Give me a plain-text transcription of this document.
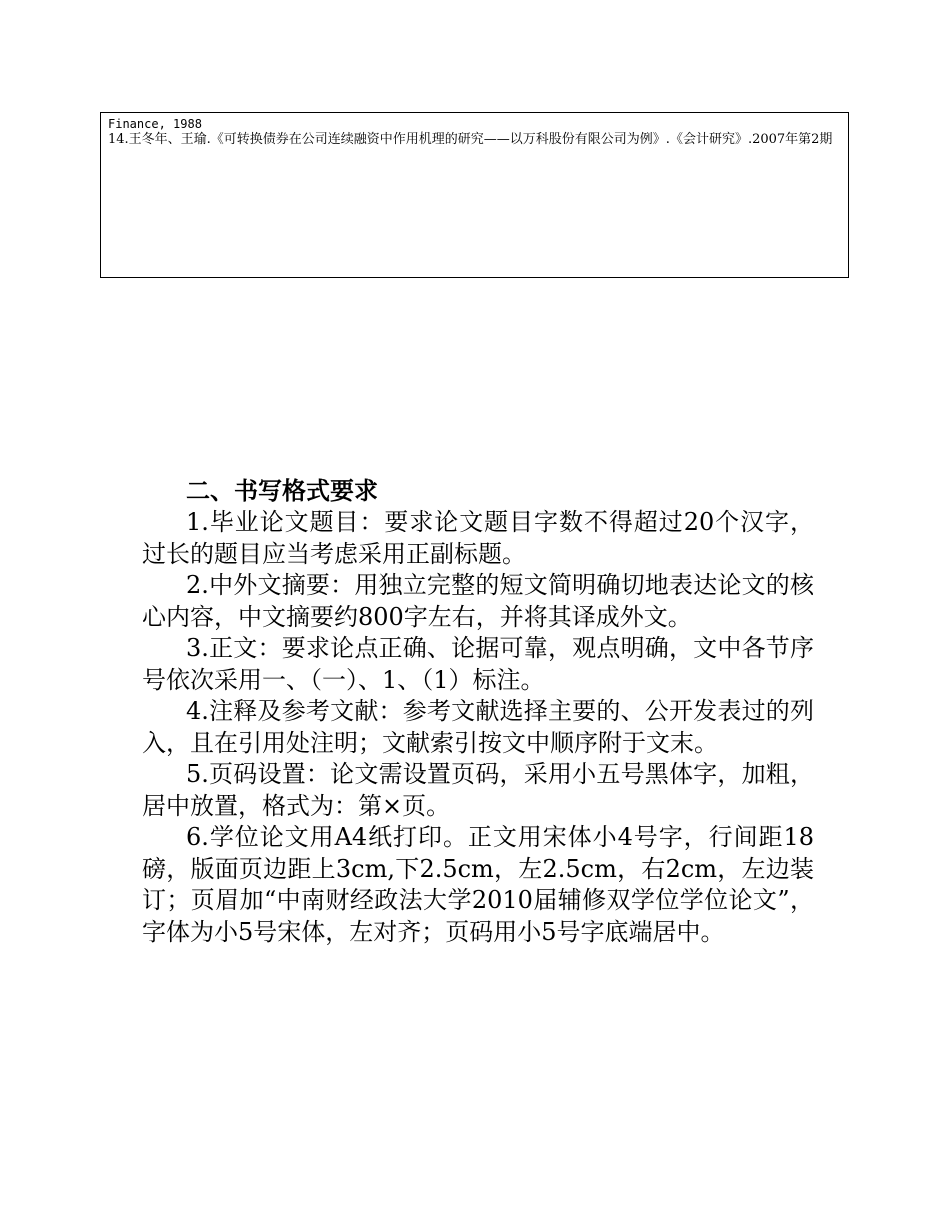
Finance, 1988

14.王冬年、王瑜.《可转换债券在公司连续融资中作用机理的研究——以万科股份有限公司为例》.《会计研究》.2007年第2期

二、书写格式要求

1.毕业论文题目：要求论文题目字数不得超过20个汉字，过长的题目应当考虑采用正副标题。

2.中外文摘要：用独立完整的短文简明确切地表达论文的核心内容，中文摘要约800字左右，并将其译成外文。

3.正文：要求论点正确、论据可靠，观点明确，文中各节序号依次采用一、（一）、1、（1）标注。

4.注释及参考文献：参考文献选择主要的、公开发表过的列入，且在引用处注明；文献索引按文中顺序附于文末。

5.页码设置：论文需设置页码，采用小五号黑体字，加粗，居中放置，格式为：第×页。

6.学位论文用A4纸打印。正文用宋体小4号字，行间距18磅，版面页边距上3cm,下2.5cm，左2.5cm，右2cm，左边装订；页眉加“中南财经政法大学2010届辅修双学位学位论文”，字体为小5号宋体，左对齐；页码用小5号字底端居中。
